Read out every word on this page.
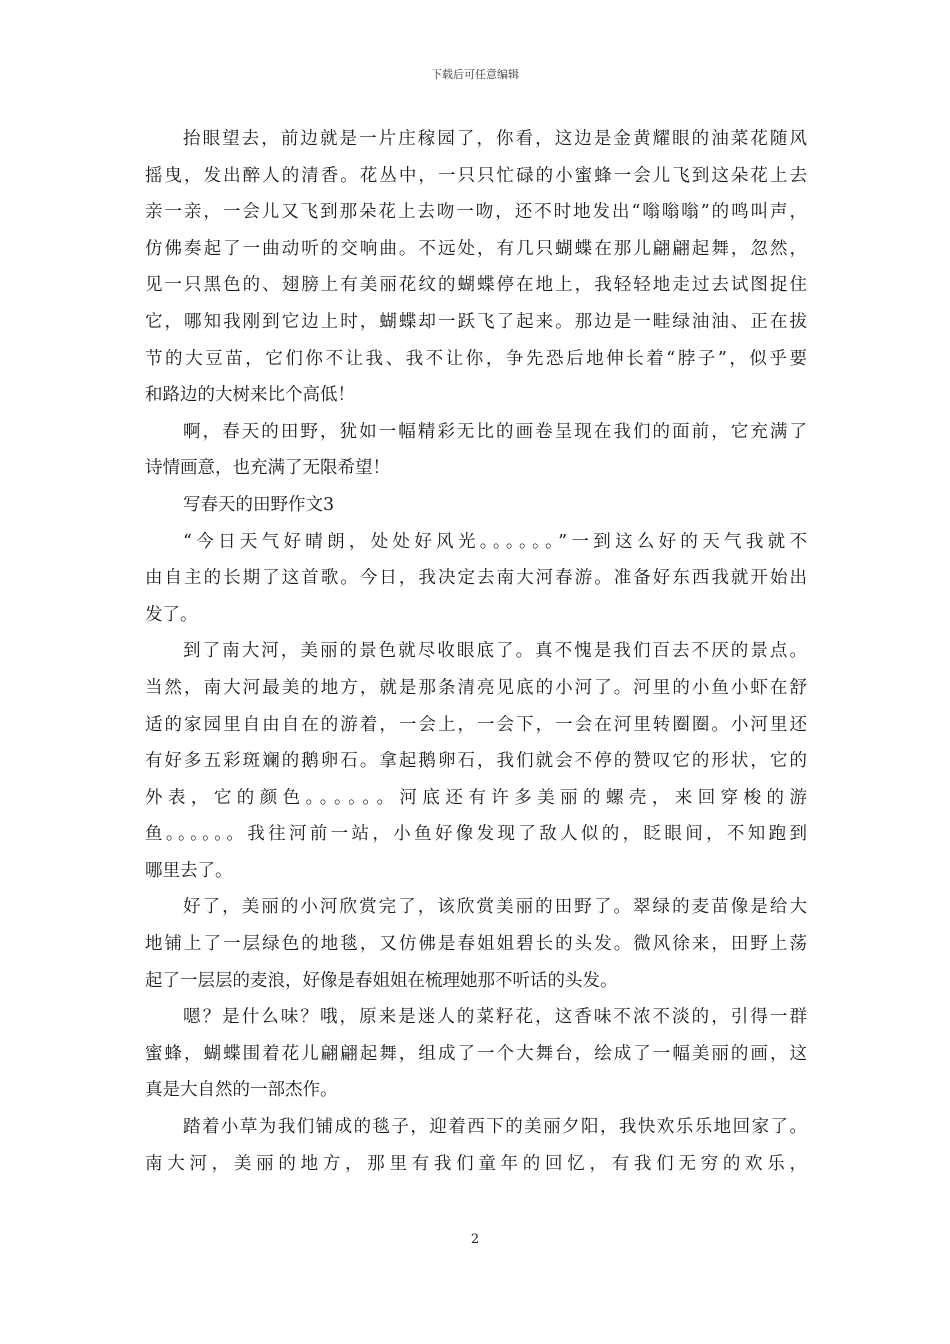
下载后可任意编辑
抬眼望去，前边就是一片庄稼园了，你看，这边是金黄耀眼的油菜花随风
摇曳，发出醉人的清香。花丛中，一只只忙碌的小蜜蜂一会儿飞到这朵花上去
亲一亲，一会儿又飞到那朵花上去吻一吻，还不时地发出“嗡嗡嗡”的鸣叫声，
仿佛奏起了一曲动听的交响曲。不远处，有几只蝴蝶在那儿翩翩起舞，忽然，
见一只黑色的、翅膀上有美丽花纹的蝴蝶停在地上，我轻轻地走过去试图捉住
它，哪知我刚到它边上时，蝴蝶却一跃飞了起来。那边是一畦绿油油、正在拔
节的大豆苗，它们你不让我、我不让你，争先恐后地伸长着“脖子”，似乎要
和路边的大树来比个高低！
啊，春天的田野，犹如一幅精彩无比的画卷呈现在我们的面前，它充满了
诗情画意，也充满了无限希望！
写春天的田野作文3
“今日天气好晴朗，处处好风光。。。。。。”一到这么好的天气我就不
由自主的长期了这首歌。今日，我决定去南大河春游。准备好东西我就开始出
发了。
到了南大河，美丽的景色就尽收眼底了。真不愧是我们百去不厌的景点。
当然，南大河最美的地方，就是那条清亮见底的小河了。河里的小鱼小虾在舒
适的家园里自由自在的游着，一会上，一会下，一会在河里转圈圈。小河里还
有好多五彩斑斓的鹅卵石。拿起鹅卵石，我们就会不停的赞叹它的形状，它的
外表，它的颜色。。。。。。河底还有许多美丽的螺壳，来回穿梭的游
鱼。。。。。。我往河前一站，小鱼好像发现了敌人似的，眨眼间，不知跑到
哪里去了。
好了，美丽的小河欣赏完了，该欣赏美丽的田野了。翠绿的麦苗像是给大
地铺上了一层绿色的地毯，又仿佛是春姐姐碧长的头发。微风徐来，田野上荡
起了一层层的麦浪，好像是春姐姐在梳理她那不听话的头发。
嗯？是什么味？哦，原来是迷人的菜籽花，这香味不浓不淡的，引得一群
蜜蜂，蝴蝶围着花儿翩翩起舞，组成了一个大舞台，绘成了一幅美丽的画，这
真是大自然的一部杰作。
踏着小草为我们铺成的毯子，迎着西下的美丽夕阳，我快欢乐乐地回家了。
南大河，美丽的地方，那里有我们童年的回忆，有我们无穷的欢乐，
2
